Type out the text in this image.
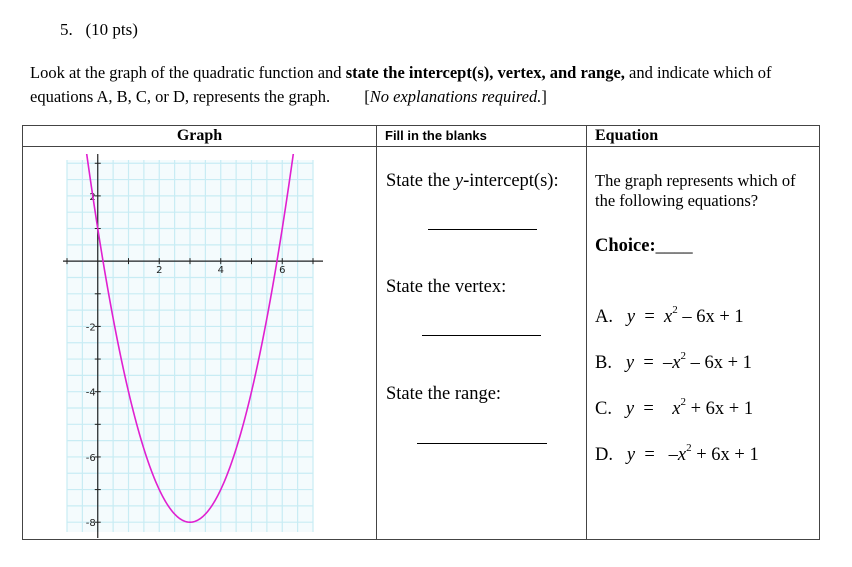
5. (10 pts)
Look at the graph of the quadratic function and state the intercept(s), vertex, and range, and indicate which of equations A, B, C, or D, represents the graph. [No explanations required.]
Graph	Fill in the blanks	Equation
2	4	6
2
-2
-4
-6
-8
State the y-intercept(s):
State the vertex:
State the range:
The graph represents which of the following equations?
Choice:____
A. $y = x^2 - 6x + 1$
B. $y = -x^2 - 6x + 1$
C. $y = x^2 + 6x + 1$
D. $y = -x^2 + 6x + 1$
